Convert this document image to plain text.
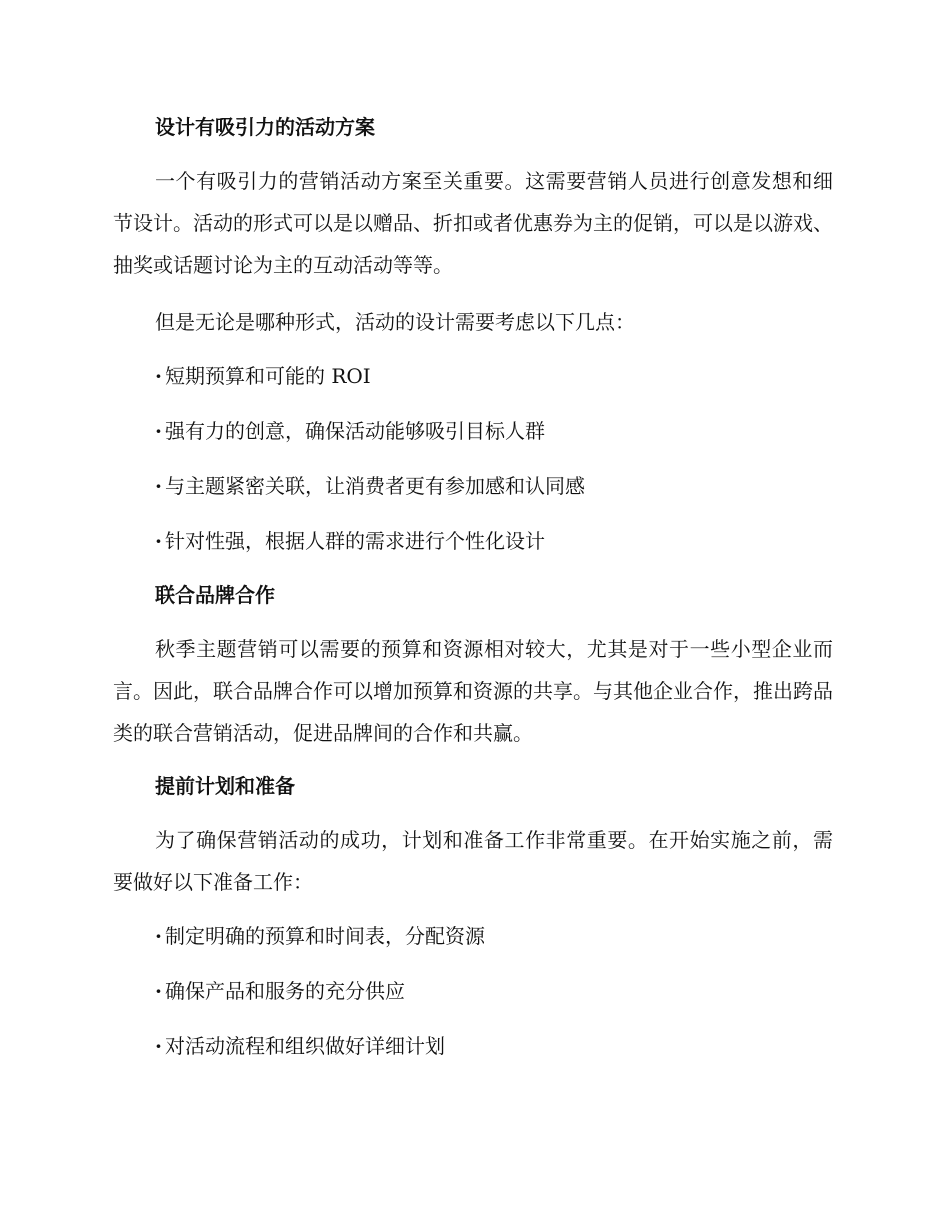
设计有吸引力的活动方案

一个有吸引力的营销活动方案至关重要。这需要营销人员进行创意发想和细节设计。活动的形式可以是以赠品、折扣或者优惠券为主的促销，可以是以游戏、抽奖或话题讨论为主的互动活动等等。

但是无论是哪种形式，活动的设计需要考虑以下几点：

· 短期预算和可能的 ROI
· 强有力的创意，确保活动能够吸引目标人群
· 与主题紧密关联，让消费者更有参加感和认同感
· 针对性强，根据人群的需求进行个性化设计
联合品牌合作

秋季主题营销可以需要的预算和资源相对较大，尤其是对于一些小型企业而言。因此，联合品牌合作可以增加预算和资源的共享。与其他企业合作，推出跨品类的联合营销活动，促进品牌间的合作和共赢。

提前计划和准备

为了确保营销活动的成功，计划和准备工作非常重要。在开始实施之前，需要做好以下准备工作：

· 制定明确的预算和时间表，分配资源
· 确保产品和服务的充分供应
· 对活动流程和组织做好详细计划
